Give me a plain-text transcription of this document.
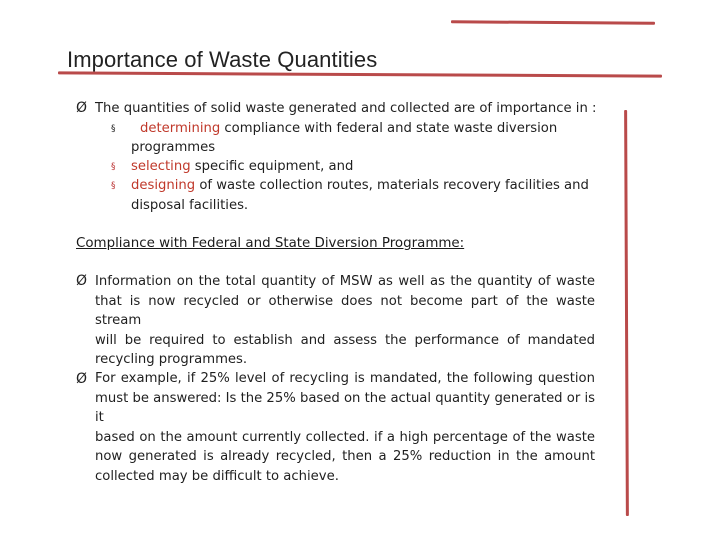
Importance of Waste Quantities
Ø The quantities of solid waste generated and collected are of importance in :
§ determining compliance with federal and state waste diversion
programmes
§ selecting specific equipment, and
§ designing of waste collection routes, materials recovery facilities and
disposal facilities.
Compliance with Federal and State Diversion Programme:
Ø Information on the total quantity of MSW as well as the quantity of waste
that is now recycled or otherwise does not become part of the waste stream
will be required to establish and assess the performance of mandated
recycling programmes.
Ø For example, if 25% level of recycling is mandated, the following question
must be answered: Is the 25% based on the actual quantity generated or is it
based on the amount currently collected. if a high percentage of the waste
now generated is already recycled, then a 25% reduction in the amount
collected may be difficult to achieve.
